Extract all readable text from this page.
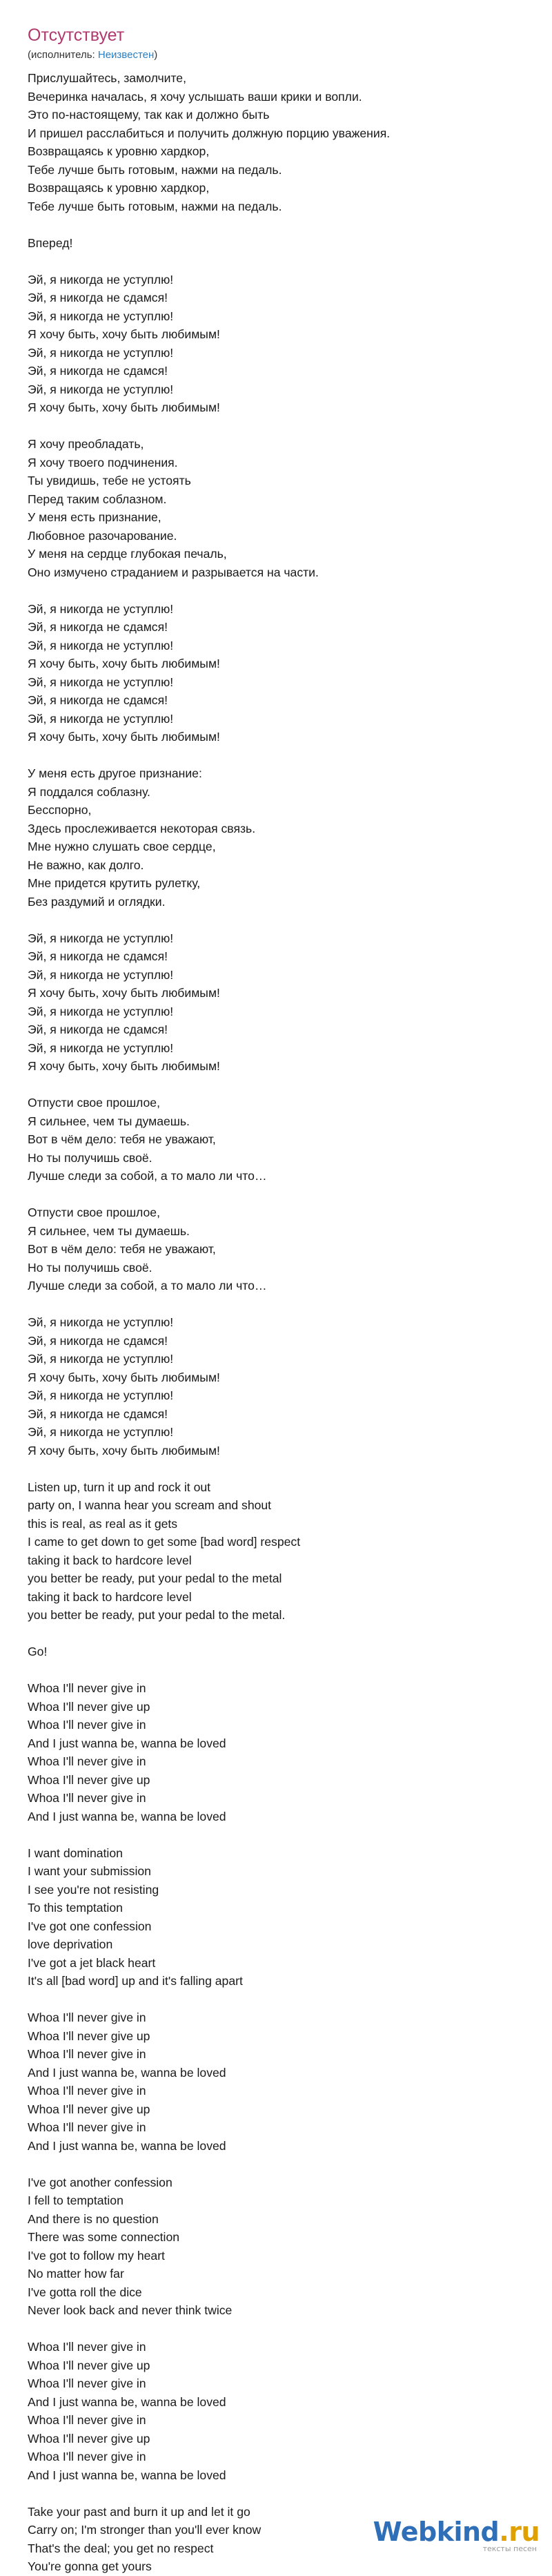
Отсутствует
(исполнитель: Неизвестен)
Прислушайтесь, замолчите,
Вечеринка началась, я хочу услышать ваши крики и вопли.
Это по-настоящему, так как и должно быть
И пришел расслабиться и получить должную порцию уважения.
Возвращаясь к уровню хардкор,
Тебе лучше быть готовым, нажми на педаль.
Возвращаясь к уровню хардкор,
Тебе лучше быть готовым, нажми на педаль.
Вперед!
Эй, я никогда не уступлю!
Эй, я никогда не сдамся!
Эй, я никогда не уступлю!
Я хочу быть, хочу быть любимым!
Эй, я никогда не уступлю!
Эй, я никогда не сдамся!
Эй, я никогда не уступлю!
Я хочу быть, хочу быть любимым!
Я хочу преобладать,
Я хочу твоего подчинения.
Ты увидишь, тебе не устоять
Перед таким соблазном.
У меня есть признание,
Любовное разочарование.
У меня на сердце глубокая печаль,
Оно измучено страданием и разрывается на части.
Эй, я никогда не уступлю!
Эй, я никогда не сдамся!
Эй, я никогда не уступлю!
Я хочу быть, хочу быть любимым!
Эй, я никогда не уступлю!
Эй, я никогда не сдамся!
Эй, я никогда не уступлю!
Я хочу быть, хочу быть любимым!
У меня есть другое признание:
Я поддался соблазну.
Бесспорно,
Здесь прослеживается некоторая связь.
Мне нужно слушать свое сердце,
Не важно, как долго.
Мне придется крутить рулетку,
Без раздумий и оглядки.
Эй, я никогда не уступлю!
Эй, я никогда не сдамся!
Эй, я никогда не уступлю!
Я хочу быть, хочу быть любимым!
Эй, я никогда не уступлю!
Эй, я никогда не сдамся!
Эй, я никогда не уступлю!
Я хочу быть, хочу быть любимым!
Отпусти свое прошлое,
Я сильнее, чем ты думаешь.
Вот в чём дело: тебя не уважают,
Но ты получишь своё.
Лучше следи за собой, а то мало ли что…
Отпусти свое прошлое,
Я сильнее, чем ты думаешь.
Вот в чём дело: тебя не уважают,
Но ты получишь своё.
Лучше следи за собой, а то мало ли что…
Эй, я никогда не уступлю!
Эй, я никогда не сдамся!
Эй, я никогда не уступлю!
Я хочу быть, хочу быть любимым!
Эй, я никогда не уступлю!
Эй, я никогда не сдамся!
Эй, я никогда не уступлю!
Я хочу быть, хочу быть любимым!
Listen up, turn it up and rock it out
party on, I wanna hear you scream and shout
this is real, as real as it gets
I came to get down to get some [bad word] respect
taking it back to hardcore level
you better be ready, put your pedal to the metal
taking it back to hardcore level
you better be ready, put your pedal to the metal.
Go!
Whoa I'll never give in
Whoa I'll never give up
Whoa I'll never give in
And I just wanna be, wanna be loved
Whoa I'll never give in
Whoa I'll never give up
Whoa I'll never give in
And I just wanna be, wanna be loved
I want domination
I want your submission
I see you're not resisting
To this temptation
I've got one confession
love deprivation
I've got a jet black heart
It's all [bad word] up and it's falling apart
Whoa I'll never give in
Whoa I'll never give up
Whoa I'll never give in
And I just wanna be, wanna be loved
Whoa I'll never give in
Whoa I'll never give up
Whoa I'll never give in
And I just wanna be, wanna be loved
I've got another confession
I fell to temptation
And there is no question
There was some connection
I've got to follow my heart
No matter how far
I've gotta roll the dice
Never look back and never think twice
Whoa I'll never give in
Whoa I'll never give up
Whoa I'll never give in
And I just wanna be, wanna be loved
Whoa I'll never give in
Whoa I'll never give up
Whoa I'll never give in
And I just wanna be, wanna be loved
Take your past and burn it up and let it go
Carry on; I'm stronger than you'll ever know
That's the deal; you get no respect
You're gonna get yours
Webkind.ru
тексты песен
